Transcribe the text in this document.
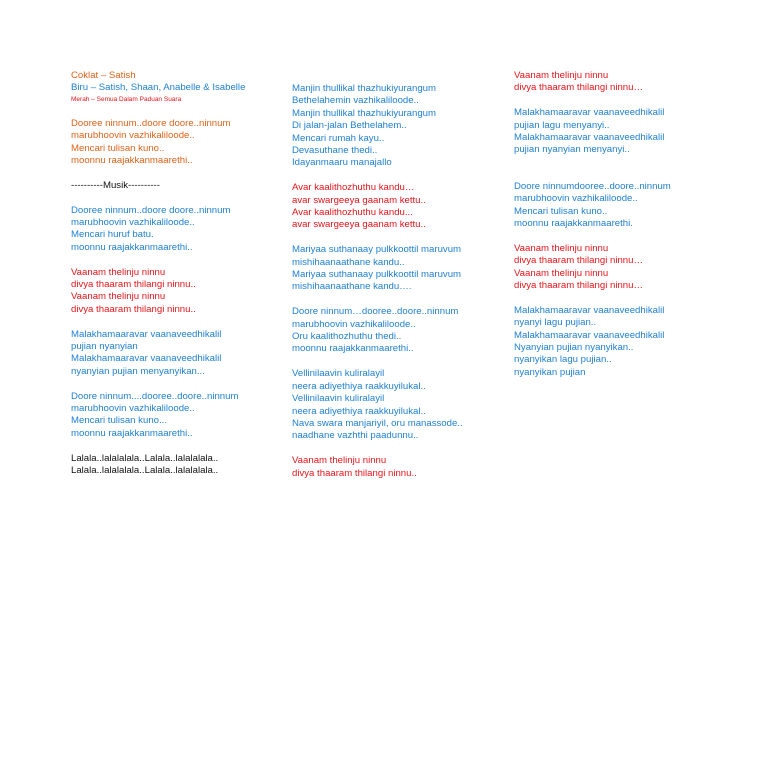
Coklat – Satish
Biru – Satish, Shaan, Anabelle & Isabelle
Merah – Semua Dalam Paduan Suara
Dooree ninnum..doore doore..ninnum
marubhoovin vazhikaliloode..
Mencari tulisan kuno..
moonnu raajakkanmaarethi..
----------Musik----------
Dooree ninnum..doore doore..ninnum
marubhoovin vazhikaliloode..
Mencari huruf batu.
moonnu raajakkanmaarethi..
Vaanam thelinju ninnu
divya thaaram thilangi ninnu..
Vaanam thelinju ninnu
divya thaaram thilangi ninnu..
Malakhamaaravar vaanaveedhikalil
pujian nyanyian
Malakhamaaravar vaanaveedhikalil
nyanyian pujian menyanyikan...
Doore ninnum....dooree..doore..ninnum
marubhoovin vazhikaliloode..
Mencari tulisan kuno...
moonnu raajakkanmaarethi..
Lalala..lalalalala..Lalala..lalalalala..
Lalala..lalalalala..Lalala..lalalalala..
Manjin thullikal thazhukiyurangum
Bethelahemin vazhikaliloode..
Manjin thullikal thazhukiyurangum
Di jalan-jalan Bethelahem..
Mencari rumah kayu..
Devasuthane thedi..
Idayanmaaru manajallo
Avar kaalithozhuthu kandu…
avar swargeeya gaanam kettu..
Avar kaalithozhuthu kandu...
avar swargeeya gaanam kettu..
Mariyaa suthanaay pulkkoottil maruvum
mishihaanaathane kandu..
Mariyaa suthanaay pulkkoottil maruvum
mishihaanaathane kandu….
Doore ninnum…dooree..doore..ninnum
marubhoovin vazhikaliloode..
Oru kaalithozhuthu thedi..
moonnu raajakkanmaarethi..
Vellinilaavin kuliralayil
neera adiyethiya raakkuyilukal..
Vellinilaavin kuliralayil
neera adiyethiya raakkuyilukal..
Nava swara manjariyil, oru manassode..
naadhane vazhthi paadunnu..
Vaanam thelinju ninnu
divya thaaram thilangi ninnu..
Vaanam thelinju ninnu
divya thaaram thilangi ninnu…
Malakhamaaravar vaanaveedhikalil
pujian lagu menyanyi..
Malakhamaaravar vaanaveedhikalil
pujian nyanyian menyanyi..
Doore ninnumdooree..doore..ninnum
marubhoovin vazhikaliloode..
Mencari tulisan kuno..
moonnu raajakkanmaarethi.
Vaanam thelinju ninnu
divya thaaram thilangi ninnu…
Vaanam thelinju ninnu
divya thaaram thilangi ninnu…
Malakhamaaravar vaanaveedhikalil
nyanyi lagu pujian..
Malakhamaaravar vaanaveedhikalil
Nyanyian pujian nyanyikan..
nyanyikan lagu pujian..
nyanyikan pujian
